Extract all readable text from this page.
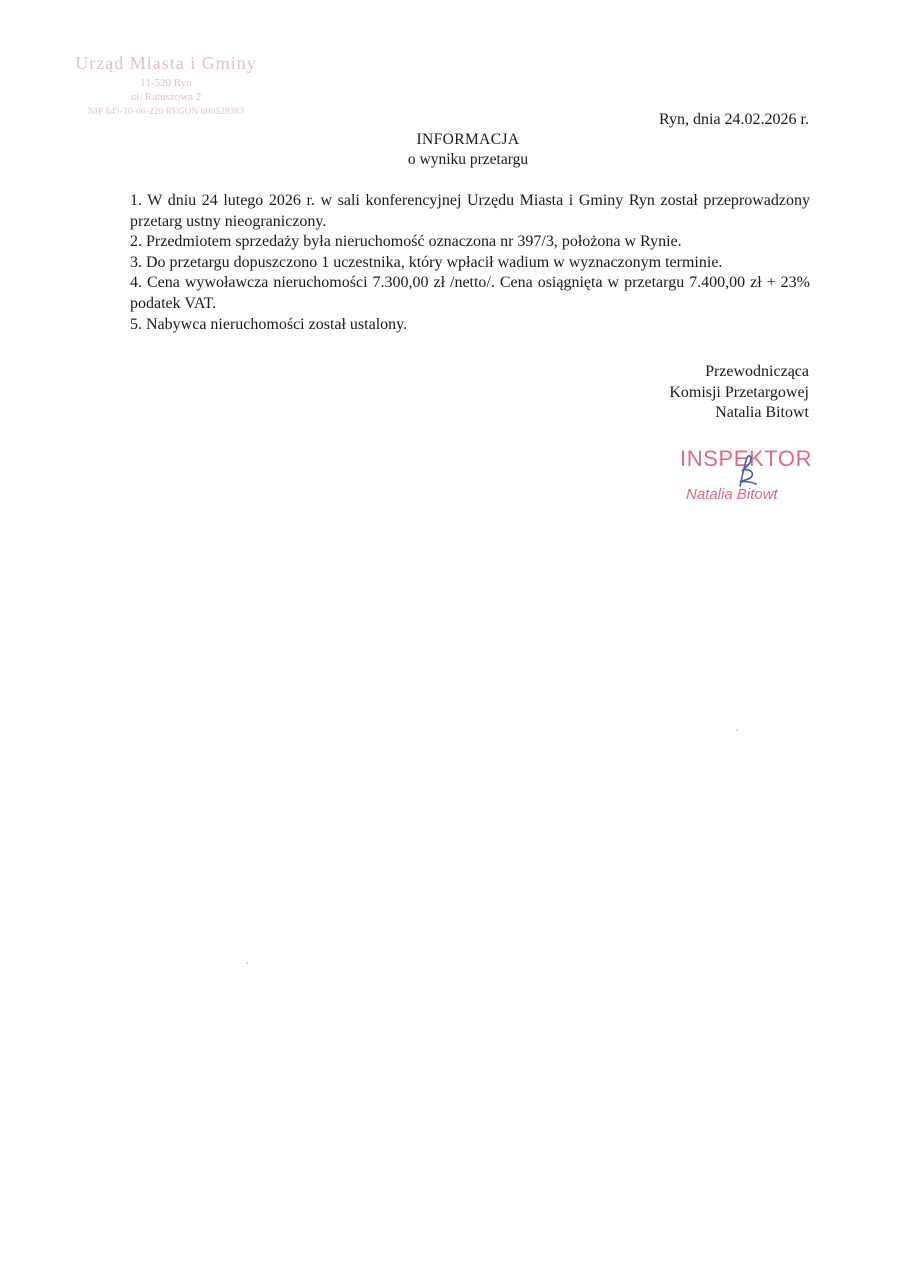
Urząd Miasta i Gminy
11-520 Ryn
ul. Ratuszowa 2
NIP 845-10-06-220 REGON 000529383	Ryn, dnia 24.02.2026 r.
INFORMACJA
o wyniku przetargu

1. W dniu 24 lutego 2026 r. w sali konferencyjnej Urzędu Miasta i Gminy Ryn został przeprowadzony przetarg ustny nieograniczony.

2. Przedmiotem sprzedaży była nieruchomość oznaczona nr 397/3, położona w Rynie.

3. Do przetargu dopuszczono 1 uczestnika, który wpłacił wadium w wyznaczonym terminie.

4. Cena wywoławcza nieruchomości 7.300,00 zł /netto/. Cena osiągnięta w przetargu 7.400,00 zł + 23% podatek VAT.

5. Nabywca nieruchomości został ustalony.

Przewodnicząca
Komisji Przetargowej
Natalia Bitowt
INSPEKTOR
Natalia Bitowt
